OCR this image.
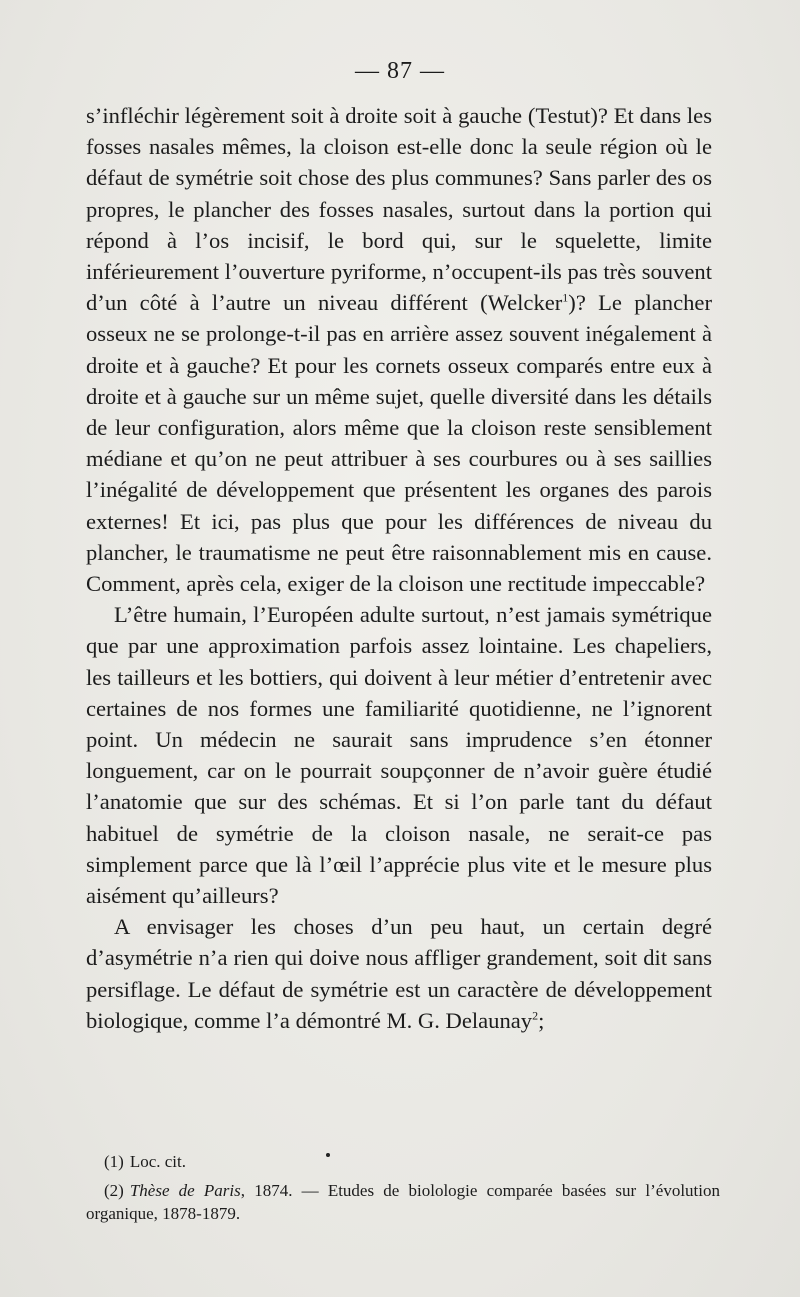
— 87 —

s’infléchir légèrement soit à droite soit à gauche (Testut)? Et dans les fosses nasales mêmes, la cloison est-elle donc la seule région où le défaut de symétrie soit chose des plus communes? Sans parler des os propres, le plancher des fosses nasales, surtout dans la portion qui répond à l’os incisif, le bord qui, sur le squelette, limite inférieurement l’ouverture pyriforme, n’occupent-ils pas très souvent d’un côté à l’autre un niveau différent (Welcker$^1$)? Le plancher osseux ne se prolonge-t-il pas en arrière assez souvent inégalement à droite et à gauche? Et pour les cornets osseux comparés entre eux à droite et à gauche sur un même sujet, quelle diversité dans les détails de leur configuration, alors même que la cloison reste sensiblement médiane et qu’on ne peut attribuer à ses courbures ou à ses saillies l’inégalité de développement que présentent les organes des parois externes! Et ici, pas plus que pour les différences de niveau du plancher, le traumatisme ne peut être raisonnablement mis en cause. Comment, après cela, exiger de la cloison une rectitude impeccable?

L’être humain, l’Européen adulte surtout, n’est jamais symétrique que par une approximation parfois assez lointaine. Les chapeliers, les tailleurs et les bottiers, qui doivent à leur métier d’entretenir avec certaines de nos formes une familiarité quotidienne, ne l’ignorent point. Un médecin ne saurait sans imprudence s’en étonner longuement, car on le pourrait soupçonner de n’avoir guère étudié l’anatomie que sur des schémas. Et si l’on parle tant du défaut habituel de symétrie de la cloison nasale, ne serait-ce pas simplement parce que là l’œil l’apprécie plus vite et le mesure plus aisément qu’ailleurs?

A envisager les choses d’un peu haut, un certain degré d’asymétrie n’a rien qui doive nous affliger grandement, soit dit sans persiflage. Le défaut de symétrie est un caractère de développement biologique, comme l’a démontré M. G. Delaunay$^2$;

(1) Loc. cit.
(2) Thèse de Paris, 1874. — Etudes de biolologie comparée basées sur l’évolution organique, 1878-1879.
